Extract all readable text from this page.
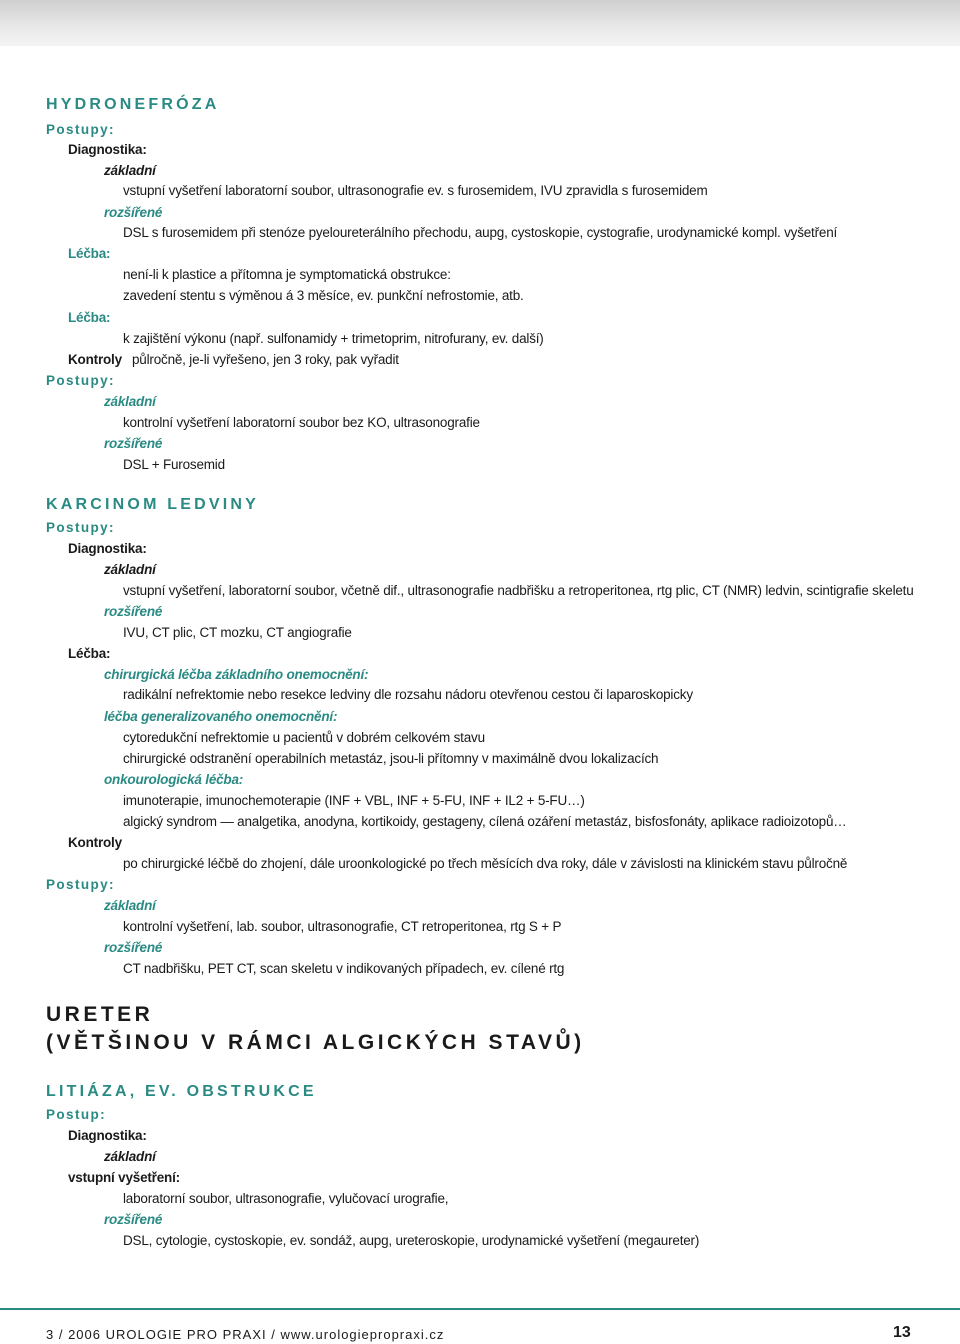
HYDRONEFRÓZA
Postupy:
Diagnostika:
základní
vstupní vyšetření laboratorní soubor, ultrasonografie ev. s furosemidem, IVU zpravidla s furosemidem
rozšířené
DSL s furosemidem při stenóze pyeloureterálního přechodu, aupg, cystoskopie, cystografie, urodynamické kompl. vyšetření
Léčba:
není-li k plastice a přítomna je symptomatická obstrukce:
zavedení stentu s výměnou á 3 měsíce, ev. punkční nefrostomie, atb.
Léčba:
k zajištění výkonu (např. sulfonamidy + trimetoprim, nitrofurany, ev. další)
Kontroly půlročně, je-li vyřešeno, jen 3 roky, pak vyřadit
Postupy:
základní
kontrolní vyšetření laboratorní soubor bez KO, ultrasonografie
rozšířené
DSL + Furosemid
KARCINOM LEDVINY
Postupy:
Diagnostika:
základní
vstupní vyšetření, laboratorní soubor, včetně dif., ultrasonografie nadbřišku a retroperitonea, rtg plic, CT (NMR) ledvin, scintigrafie skeletu
rozšířené
IVU, CT plic, CT mozku, CT angiografie
Léčba:
chirurgická léčba základního onemocnění:
radikální nefrektomie nebo resekce ledviny dle rozsahu nádoru otevřenou cestou či laparoskopicky
léčba generalizovaného onemocnění:
cytoredukční nefrektomie u pacientů v dobrém celkovém stavu
chirurgické odstranění operabilních metastáz, jsou-li přítomny v maximálně dvou lokalizacích
onkourologická léčba:
imunoterapie, imunochemoterapie (INF + VBL, INF + 5-FU, INF + IL2 + 5-FU…)
algický syndrom — analgetika, anodyna, kortikoidy, gestageny, cílená ozáření metastáz, bisfosfonáty, aplikace radioizotopů…
Kontroly
po chirurgické léčbě do zhojení, dále uroonkologické po třech měsících dva roky, dále v závislosti na klinickém stavu půlročně
Postupy:
základní
kontrolní vyšetření, lab. soubor, ultrasonografie, CT retroperitonea, rtg S + P
rozšířené
CT nadbřišku, PET CT, scan skeletu v indikovaných případech, ev. cílené rtg
URETER
(VĚTŠINOU V RÁMCI ALGICKÝCH STAVŮ)
LITIÁZA, EV. OBSTRUKCE
Postup:
Diagnostika:
základní
vstupní vyšetření:
laboratorní soubor, ultrasonografie, vylučovací urografie,
rozšířené
DSL, cytologie, cystoskopie, ev. sondáž, aupg, ureteroskopie, urodynamické vyšetření (megaureter)
3 / 2006 UROLOGIE PRO PRAXI / www.urologiepropraxi.cz	13
